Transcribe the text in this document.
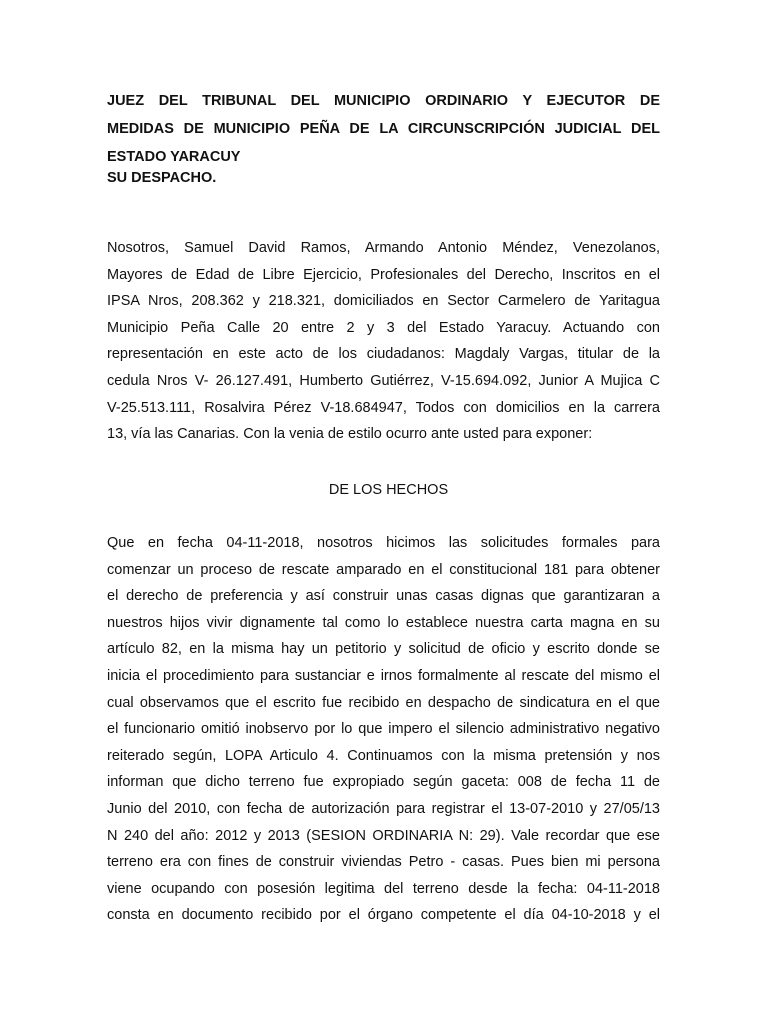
JUEZ DEL TRIBUNAL DEL MUNICIPIO ORDINARIO Y EJECUTOR DE
MEDIDAS DE MUNICIPIO PEÑA DE LA CIRCUNSCRIPCIÓN JUDICIAL DEL
ESTADO YARACUY
SU DESPACHO.
Nosotros, Samuel David Ramos, Armando Antonio Méndez, Venezolanos,
Mayores de Edad de Libre Ejercicio, Profesionales del Derecho, Inscritos en el
IPSA Nros, 208.362 y 218.321, domiciliados en Sector Carmelero de Yaritagua
Municipio Peña Calle 20 entre 2 y 3 del Estado Yaracuy. Actuando con
representación en este acto de los ciudadanos: Magdaly Vargas, titular de la
cedula Nros V- 26.127.491, Humberto Gutiérrez, V-15.694.092, Junior A Mujica C
V-25.513.111, Rosalvira Pérez V-18.684947, Todos con domicilios en la carrera
13, vía las Canarias. Con la venia de estilo ocurro ante usted para exponer:
DE LOS HECHOS
Que en fecha 04-11-2018, nosotros hicimos las solicitudes formales para
comenzar un proceso de rescate amparado en el constitucional 181 para obtener
el derecho de preferencia y así construir unas casas dignas que garantizaran a
nuestros hijos vivir dignamente tal como lo establece nuestra carta magna en su
artículo 82, en la misma hay un petitorio y solicitud de oficio y escrito donde se
inicia el procedimiento para sustanciar e irnos formalmente al rescate del mismo el
cual observamos que el escrito fue recibido en despacho de sindicatura en el que
el funcionario omitió inobservo por lo que impero el silencio administrativo negativo
reiterado según, LOPA Articulo 4. Continuamos con la misma pretensión y nos
informan que dicho terreno fue expropiado según gaceta: 008 de fecha 11 de
Junio del 2010, con fecha de autorización para registrar el 13-07-2010 y 27/05/13
N 240 del año: 2012 y 2013 (SESION ORDINARIA N: 29). Vale recordar que ese
terreno era con fines de construir viviendas Petro - casas. Pues bien mi persona
viene ocupando con posesión legitima del terreno desde la fecha: 04-11-2018
consta en documento recibido por el órgano competente el día 04-10-2018 y el
